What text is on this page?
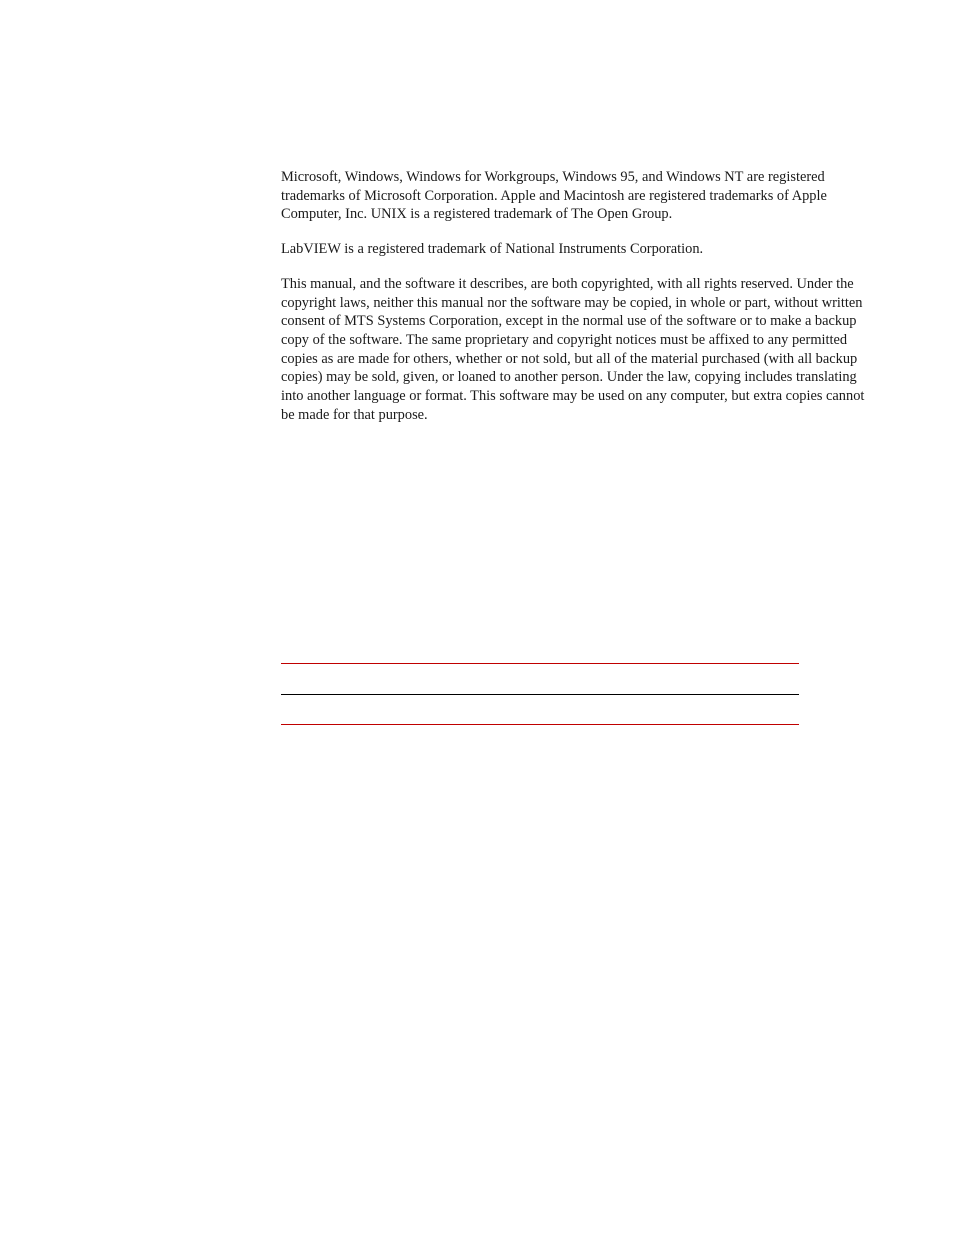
Microsoft, Windows, Windows for Workgroups, Windows 95, and Windows NT are registered trademarks of Microsoft Corporation. Apple and Macintosh are registered trademarks of Apple Computer, Inc. UNIX is a registered trademark of The Open Group.

LabVIEW is a registered trademark of National Instruments Corporation.

This manual, and the software it describes, are both copyrighted, with all rights reserved. Under the copyright laws, neither this manual nor the software may be copied, in whole or part, without written consent of MTS Systems Corporation, except in the normal use of the software or to make a backup copy of the software. The same proprietary and copyright notices must be affixed to any permitted copies as are made for others, whether or not sold, but all of the material purchased (with all backup copies) may be sold, given, or loaned to another person. Under the law, copying includes translating into another language or format. This software may be used on any computer, but extra copies cannot be made for that purpose.
